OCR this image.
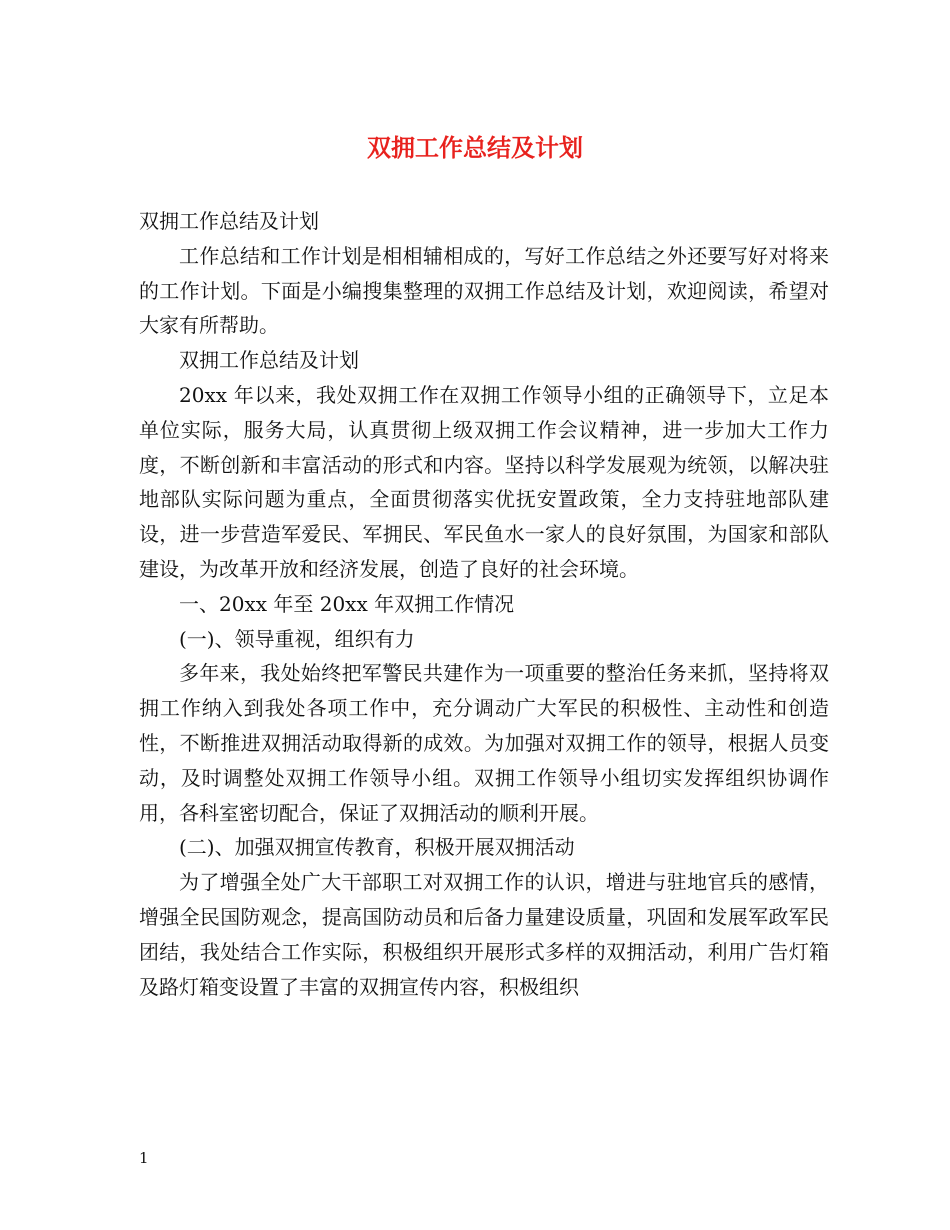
双拥工作总结及计划

双拥工作总结及计划

工作总结和工作计划是相相辅相成的，写好工作总结之外还要写好对将来的工作计划。下面是小编搜集整理的双拥工作总结及计划，欢迎阅读，希望对大家有所帮助。

双拥工作总结及计划

20xx 年以来，我处双拥工作在双拥工作领导小组的正确领导下，立足本单位实际，服务大局，认真贯彻上级双拥工作会议精神，进一步加大工作力度，不断创新和丰富活动的形式和内容。坚持以科学发展观为统领，以解决驻地部队实际问题为重点，全面贯彻落实优抚安置政策，全力支持驻地部队建设，进一步营造军爱民、军拥民、军民鱼水一家人的良好氛围，为国家和部队建设，为改革开放和经济发展，创造了良好的社会环境。

一、20xx 年至 20xx 年双拥工作情况

(一)、领导重视，组织有力

多年来，我处始终把军警民共建作为一项重要的整治任务来抓，坚持将双拥工作纳入到我处各项工作中，充分调动广大军民的积极性、主动性和创造性，不断推进双拥活动取得新的成效。为加强对双拥工作的领导，根据人员变动，及时调整处双拥工作领导小组。双拥工作领导小组切实发挥组织协调作用，各科室密切配合，保证了双拥活动的顺利开展。

(二)、加强双拥宣传教育，积极开展双拥活动

为了增强全处广大干部职工对双拥工作的认识，增进与驻地官兵的感情，增强全民国防观念，提高国防动员和后备力量建设质量，巩固和发展军政军民团结，我处结合工作实际，积极组织开展形式多样的双拥活动，利用广告灯箱及路灯箱变设置了丰富的双拥宣传内容，积极组织

1
